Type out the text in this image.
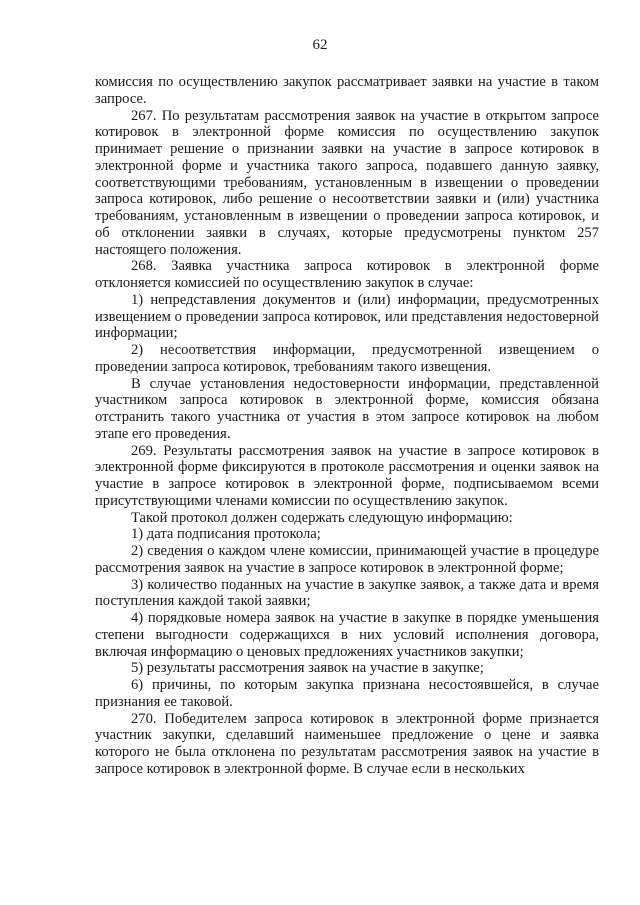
62

комиссия по осуществлению закупок рассматривает заявки на участие в таком запросе.

267. По результатам рассмотрения заявок на участие в открытом запросе котировок в электронной форме комиссия по осуществлению закупок принимает решение о признании заявки на участие в запросе котировок в электронной форме и участника такого запроса, подавшего данную заявку, соответствующими требованиям, установленным в извещении о проведении запроса котировок, либо решение о несоответствии заявки и (или) участника требованиям, установленным в извещении о проведении запроса котировок, и об отклонении заявки в случаях, которые предусмотрены пунктом 257 настоящего положения.

268. Заявка участника запроса котировок в электронной форме отклоняется комиссией по осуществлению закупок в случае:

1) непредставления документов и (или) информации, предусмотренных извещением о проведении запроса котировок, или представления недостоверной информации;

2) несоответствия информации, предусмотренной извещением о проведении запроса котировок, требованиям такого извещения.

В случае установления недостоверности информации, представленной участником запроса котировок в электронной форме, комиссия обязана отстранить такого участника от участия в этом запросе котировок на любом этапе его проведения.

269. Результаты рассмотрения заявок на участие в запросе котировок в электронной форме фиксируются в протоколе рассмотрения и оценки заявок на участие в запросе котировок в электронной форме, подписываемом всеми присутствующими членами комиссии по осуществлению закупок.

Такой протокол должен содержать следующую информацию:

1) дата подписания протокола;

2) сведения о каждом члене комиссии, принимающей участие в процедуре рассмотрения заявок на участие в запросе котировок в электронной форме;

3) количество поданных на участие в закупке заявок, а также дата и время поступления каждой такой заявки;

4) порядковые номера заявок на участие в закупке в порядке уменьшения степени выгодности содержащихся в них условий исполнения договора, включая информацию о ценовых предложениях участников закупки;

5) результаты рассмотрения заявок на участие в закупке;

6) причины, по которым закупка признана несостоявшейся, в случае признания ее таковой.

270. Победителем запроса котировок в электронной форме признается участник закупки, сделавший наименьшее предложение о цене и заявка которого не была отклонена по результатам рассмотрения заявок на участие в запросе котировок в электронной форме. В случае если в нескольких
